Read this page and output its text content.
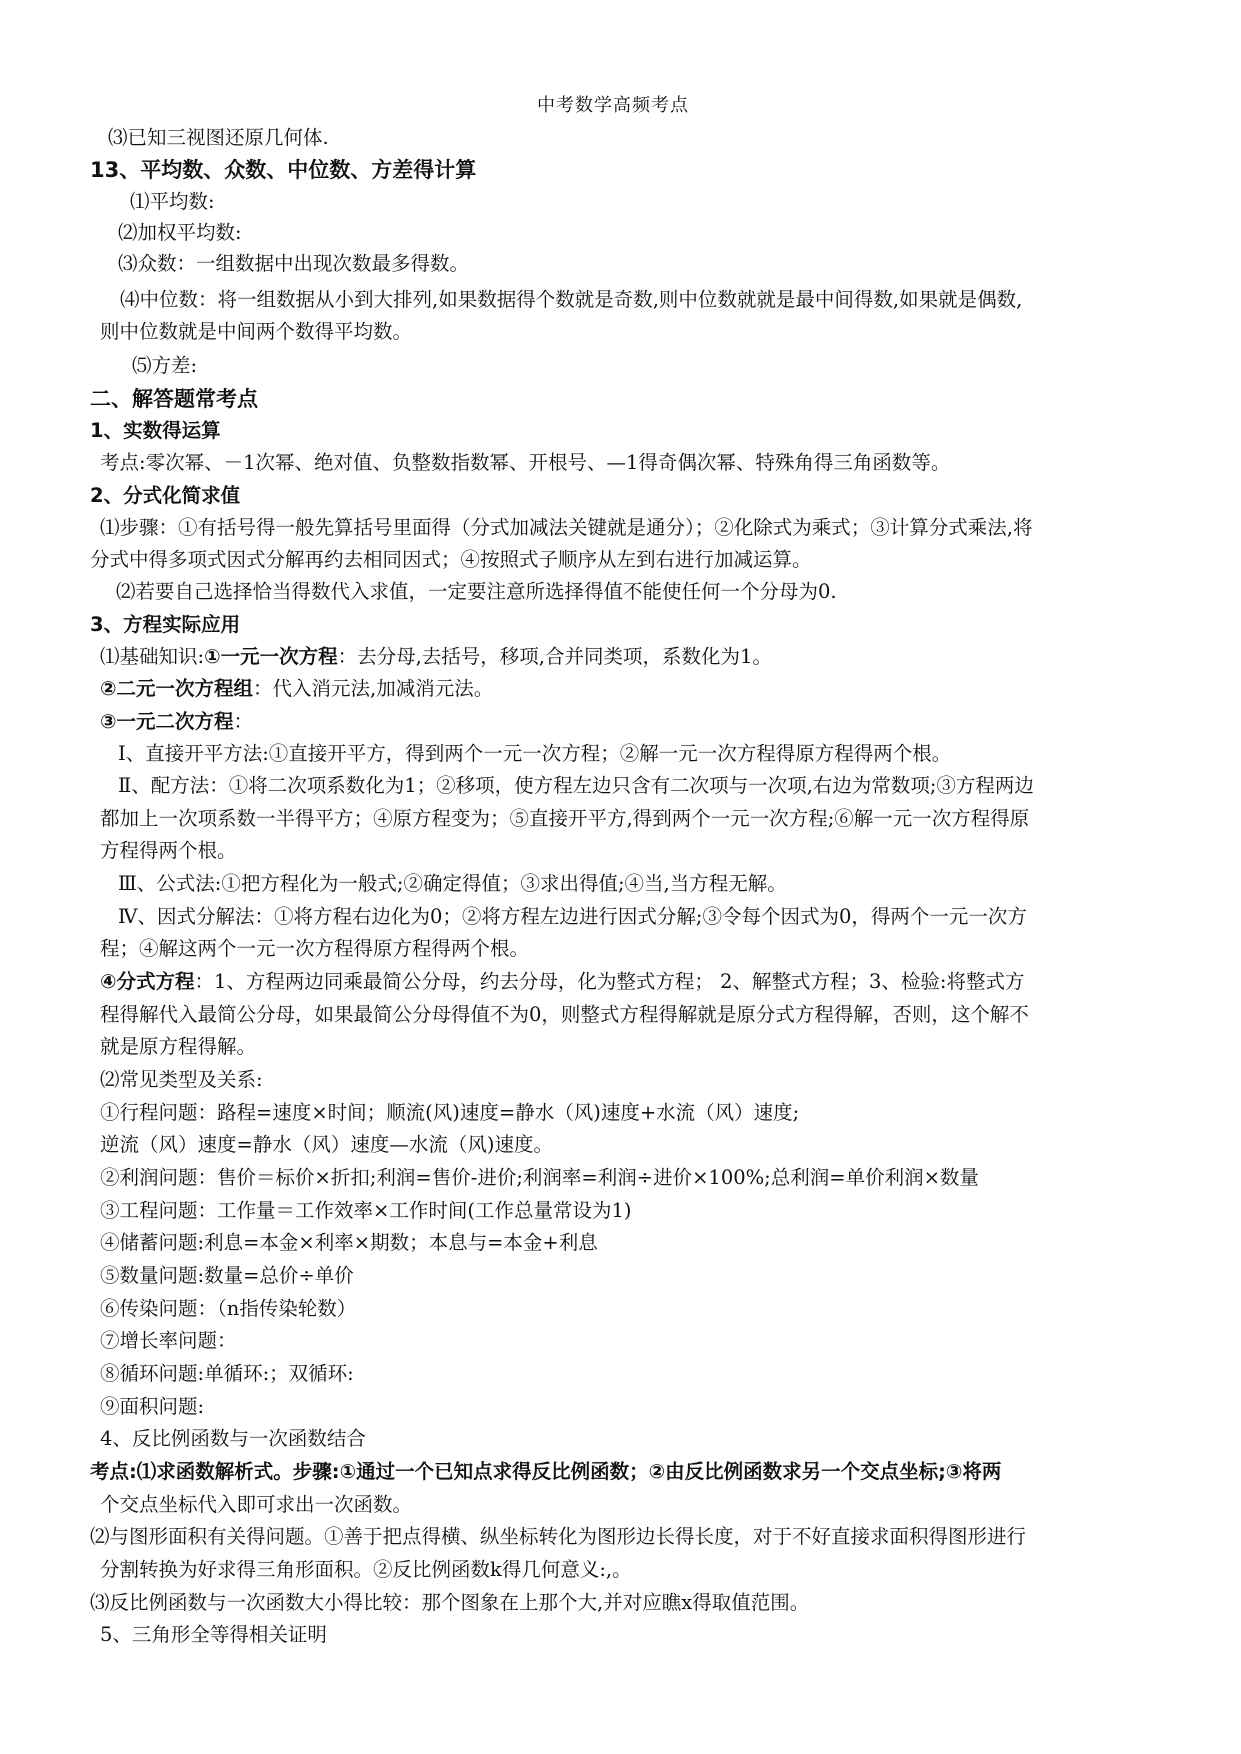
中考数学高频考点
⑶已知三视图还原几何体.
13、平均数、众数、中位数、方差得计算
⑴平均数:
⑵加权平均数:
⑶众数：一组数据中出现次数最多得数。
⑷中位数：将一组数据从小到大排列,如果数据得个数就是奇数,则中位数就就是最中间得数,如果就是偶数,
则中位数就是中间两个数得平均数。
⑸方差:
二、解答题常考点
1、实数得运算
考点:零次幂、－1次幂、绝对值、负整数指数幂、开根号、—1得奇偶次幂、特殊角得三角函数等。
2、分式化简求值
⑴步骤：①有括号得一般先算括号里面得（分式加减法关键就是通分）；②化除式为乘式；③计算分式乘法,将
分式中得多项式因式分解再约去相同因式；④按照式子顺序从左到右进行加减运算。
⑵若要自己选择恰当得数代入求值，一定要注意所选择得值不能使任何一个分母为0.
3、方程实际应用
⑴基础知识:①一元一次方程：去分母,去括号，移项,合并同类项，系数化为1。
②二元一次方程组：代入消元法,加减消元法。
③一元二次方程：
Ⅰ、直接开平方法:①直接开平方，得到两个一元一次方程；②解一元一次方程得原方程得两个根。
Ⅱ、配方法：①将二次项系数化为1；②移项，使方程左边只含有二次项与一次项,右边为常数项;③方程两边
都加上一次项系数一半得平方；④原方程变为；⑤直接开平方,得到两个一元一次方程;⑥解一元一次方程得原
方程得两个根。
Ⅲ、公式法:①把方程化为一般式;②确定得值；③求出得值;④当,当方程无解。
Ⅳ、因式分解法：①将方程右边化为0；②将方程左边进行因式分解;③令每个因式为0，得两个一元一次方
程；④解这两个一元一次方程得原方程得两个根。
④分式方程：1、方程两边同乘最简公分母，约去分母，化为整式方程； 2、解整式方程；3、检验:将整式方
程得解代入最简公分母，如果最简公分母得值不为0，则整式方程得解就是原分式方程得解，否则，这个解不
就是原方程得解。
⑵常见类型及关系:
①行程问题：路程=速度×时间；顺流(风)速度=静水（风)速度+水流（风）速度;
逆流（风）速度=静水（风）速度—水流（风)速度。
②利润问题：售价＝标价×折扣;利润=售价-进价;利润率=利润÷进价×100%;总利润=单价利润×数量
③工程问题：工作量＝工作效率×工作时间(工作总量常设为1)
④储蓄问题:利息=本金×利率×期数；本息与=本金+利息
⑤数量问题:数量=总价÷单价
⑥传染问题：（n指传染轮数）
⑦增长率问题：
⑧循环问题:单循环:；双循环:
⑨面积问题:
4、反比例函数与一次函数结合
考点:⑴求函数解析式。步骤:①通过一个已知点求得反比例函数；②由反比例函数求另一个交点坐标;③将两
个交点坐标代入即可求出一次函数。
⑵与图形面积有关得问题。①善于把点得横、纵坐标转化为图形边长得长度，对于不好直接求面积得图形进行
分割转换为好求得三角形面积。②反比例函数k得几何意义:,。
⑶反比例函数与一次函数大小得比较：那个图象在上那个大,并对应瞧x得取值范围。
5、三角形全等得相关证明
